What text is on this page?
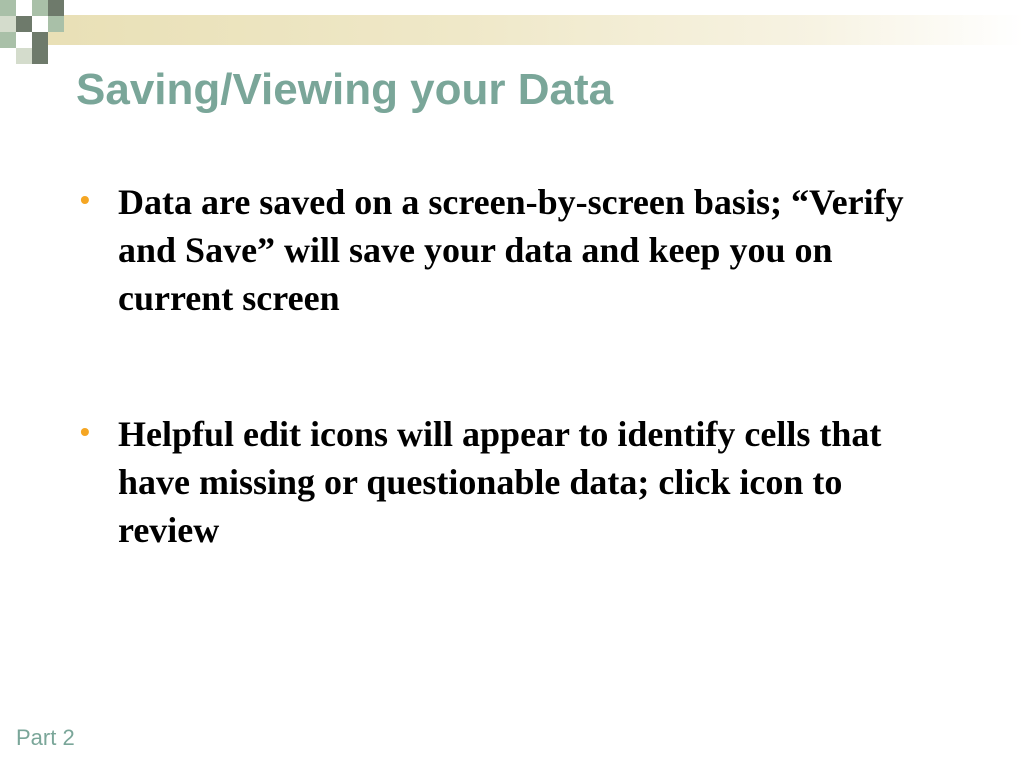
Saving/Viewing your Data
• Data are saved on a screen-by-screen basis; “Verify and Save” will save your data and keep you on current screen
• Helpful edit icons will appear to identify cells that have missing or questionable data; click icon to review
Part 2
